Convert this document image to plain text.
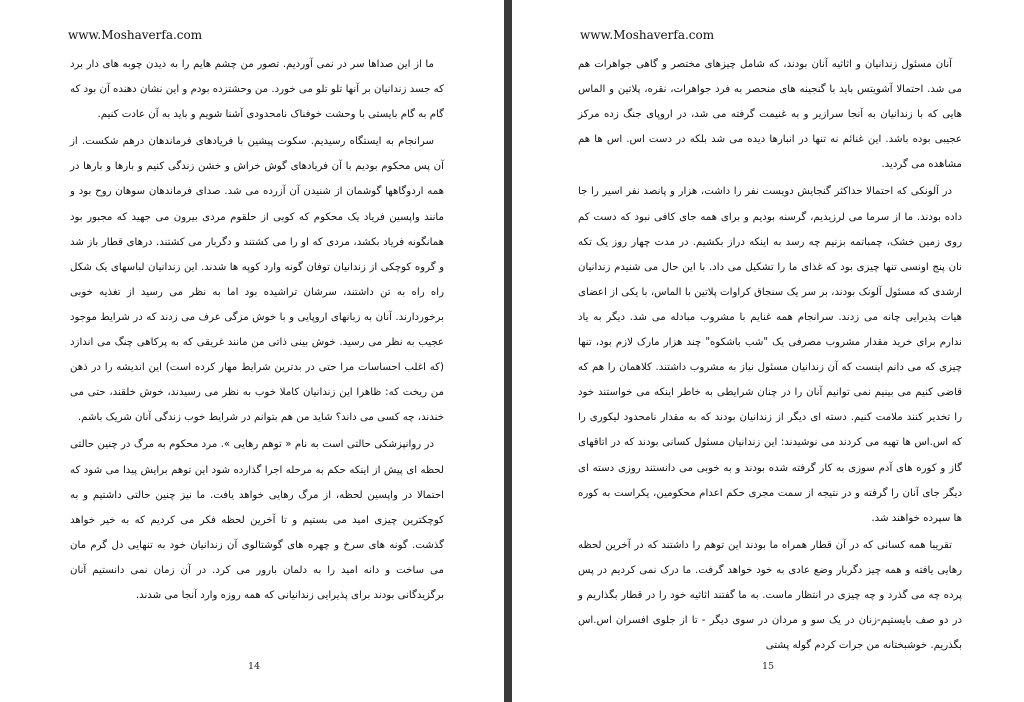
www.Moshaverfa.com

ما از این صداها سر در نمی آوردیم. تصور من چشم هایم را به دیدن چوبه های دار برد که جسد زندانیان بر آنها تلو تلو می خورد. من وحشتزده بودم و این نشان دهنده آن بود که گام به گام بایستی با وحشت خوفناک نامحدودی آشنا شویم و باید به آن عادت کنیم.

سرانجام به ایستگاه رسیدیم. سکوت پیشین با فریادهای فرماندهان درهم شکست. از آن پس محکوم بودیم با آن فریادهای گوش خراش و خشن زندگی کنیم و بارها و بارها در همه اردوگاهها گوشمان از شنیدن آن آزرده می شد. صدای فرماندهان سوهان روح بود و مانند واپسین فریاد یک محکوم که کوبی از حلقوم مردی بیرون می جهید که مجبور بود همانگونه فریاد بکشد، مردی که او را می کشتند و دگربار می کشتند. درهای قطار باز شد و گروه کوچکی از زندانیان توفان گونه وارد کوپه ها شدند. این زندانیان لباسهای یک شکل راه راه به تن داشتند، سرشان تراشیده بود اما به نظر می رسید از تغذیه خوبی برخوردارند. آنان به زبانهای اروپایی و با خوش مزگی عرف می زدند که در شرایط موجود عجیب به نظر می رسید. خوش بینی ذاتی من مانند غریقی که به پرکاهی چنگ می اندازد (که اغلب احساسات مرا حتی در بدترین شرایط مهار کرده است) این اندیشه را در ذهن من ریخت که: ظاهرا این زندانیان کاملا خوب به نظر می رسیدند، خوش خلقند، حتی می خندند، چه کسی می داند؟ شاید من هم بتوانم در شرایط خوب زندگی آنان شریک باشم.

در روانپزشکی حالتی است به نام « توهم رهایی ». مرد محکوم به مرگ در چنین حالتی لحظه ای پیش از اینکه حکم به مرحله اجرا گذارده شود این توهم برایش پیدا می شود که احتمالا در واپسین لحظه، از مرگ رهایی خواهد یافت. ما نیز چنین حالتی داشتیم و به کوچکترین چیزی امید می بستیم و تا آخرین لحظه فکر می کردیم که به خیر خواهد گذشت. گونه های سرخ و چهره های گوشتالوی آن زندانیان خود به تنهایی دل گرم مان می ساخت و دانه امید را به دلمان بارور می کرد. در آن زمان نمی دانستیم آنان برگزیدگانی بودند برای پذیرایی زندانیانی که همه روزه وارد آنجا می شدند.

14
www.Moshaverfa.com

آنان مسئول زندانیان و اثاثیه آنان بودند، که شامل چیزهای مختصر و گاهی جواهرات هم می شد. احتمالا آشویتس باید با گنجینه های منحصر به فرد جواهرات، نقره، پلاتین و الماس هایی که با زندانیان به آنجا سرازیر و به غنیمت گرفته می شد، در اروپای جنگ زده مرکز عجیبی بوده باشد. این غنائم نه تنها در انبارها دیده می شد بلکه در دست اس. اس ها هم مشاهده می گردید.

در آلونکی که احتمالا حداکثر گنجایش دویست نفر را داشت، هزار و پانصد نفر اسیر را جا داده بودند. ما از سرما می لرزیدیم، گرسنه بودیم و برای همه جای کافی نبود که دست کم روی زمین خشک، چمباتمه بزنیم چه رسد به اینکه دراز بکشیم. در مدت چهار روز یک تکه نان پنج اونسی تنها چیزی بود که غذای ما را تشکیل می داد. با این حال می شنیدم زندانیان ارشدی که مسئول آلونک بودند، بر سر یک سنجاق کراوات پلاتین با الماس، با یکی از اعضای هیات پذیرایی چانه می زدند. سرانجام همه غنایم با مشروب مبادله می شد. دیگر به یاد ندارم برای خرید مقدار مشروب مصرفی یک "شب باشکوه" چند هزار مارک لازم بود، تنها چیزی که می دانم اینست که آن زندانیان مسئول نیاز به مشروب داشتند. کلاهمان را هم که قاضی کنیم می بینیم نمی توانیم آنان را در چنان شرایطی به خاطر اینکه می خواستند خود را تخدیر کنند ملامت کنیم. دسته ای دیگر از زندانیان بودند که به مقدار نامحدود لیکوری را که اس.اس ها تهیه می کردند می نوشیدند: این زندانیان مسئول کسانی بودند که در اتاقهای گاز و کوره های آدم سوزی به کار گرفته شده بودند و به خوبی می دانستند روزی دسته ای دیگر جای آنان را گرفته و در نتیجه از سمت مجری حکم اعدام محکومین، یکراست به کوره ها سپرده خواهند شد.

تقریبا همه کسانی که در آن قطار همراه ما بودند این توهم را داشتند که در آخرین لحظه رهایی یافته و همه چیز دگربار وضع عادی به خود خواهد گرفت. ما درک نمی کردیم در پس پرده چه می گذرد و چه چیزی در انتظار ماست. به ما گفتند اثاثیه خود را در قطار بگذاریم و در دو صف بایستیم-زنان در یک سو و مردان در سوی دیگر - تا از جلوی افسران اس.اس بگذریم. خوشبختانه من جرات کردم گوله پشتی

15
